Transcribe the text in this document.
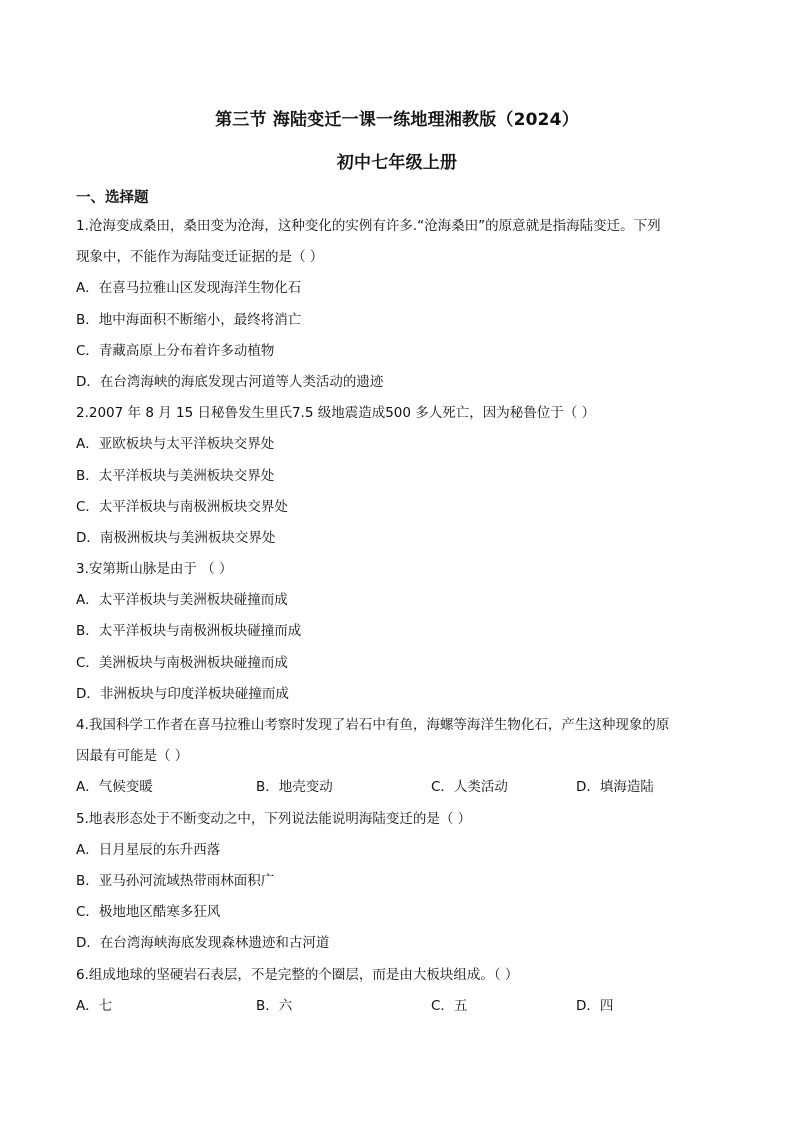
第三节 海陆变迁一课一练地理湘教版（2024）
初中七年级上册
一、选择题
1.沧海变成桑田，桑田变为沧海，这种变化的实例有许多.“沧海桑田”的原意就是指海陆变迁。下列
现象中，不能作为海陆变迁证据的是（ ）
A．在喜马拉雅山区发现海洋生物化石
B．地中海面积不断缩小，最终将消亡
C．青藏高原上分布着许多动植物
D．在台湾海峡的海底发现古河道等人类活动的遗迹
2.2007 年 8 月 15 日秘鲁发生里氏7.5 级地震造成500 多人死亡，因为秘鲁位于（ ）
A．亚欧板块与太平洋板块交界处
B．太平洋板块与美洲板块交界处
C．太平洋板块与南极洲板块交界处
D．南极洲板块与美洲板块交界处
3.安第斯山脉是由于 （ ）
A．太平洋板块与美洲板块碰撞而成
B．太平洋板块与南极洲板块碰撞而成
C．美洲板块与南极洲板块碰撞而成
D．非洲板块与印度洋板块碰撞而成
4.我国科学工作者在喜马拉雅山考察时发现了岩石中有鱼，海螺等海洋生物化石，产生这种现象的原
因最有可能是（ ）
A．气候变暖	B．地壳变动	C．人类活动	D．填海造陆
5.地表形态处于不断变动之中，下列说法能说明海陆变迁的是（ ）
A．日月星辰的东升西落
B．亚马孙河流域热带雨林面积广
C．极地地区酷寒多狂风
D．在台湾海峡海底发现森林遗迹和古河道
6.组成地球的坚硬岩石表层，不是完整的个圈层，而是由大板块组成。（ ）
A．七	B．六	C．五	D．四
